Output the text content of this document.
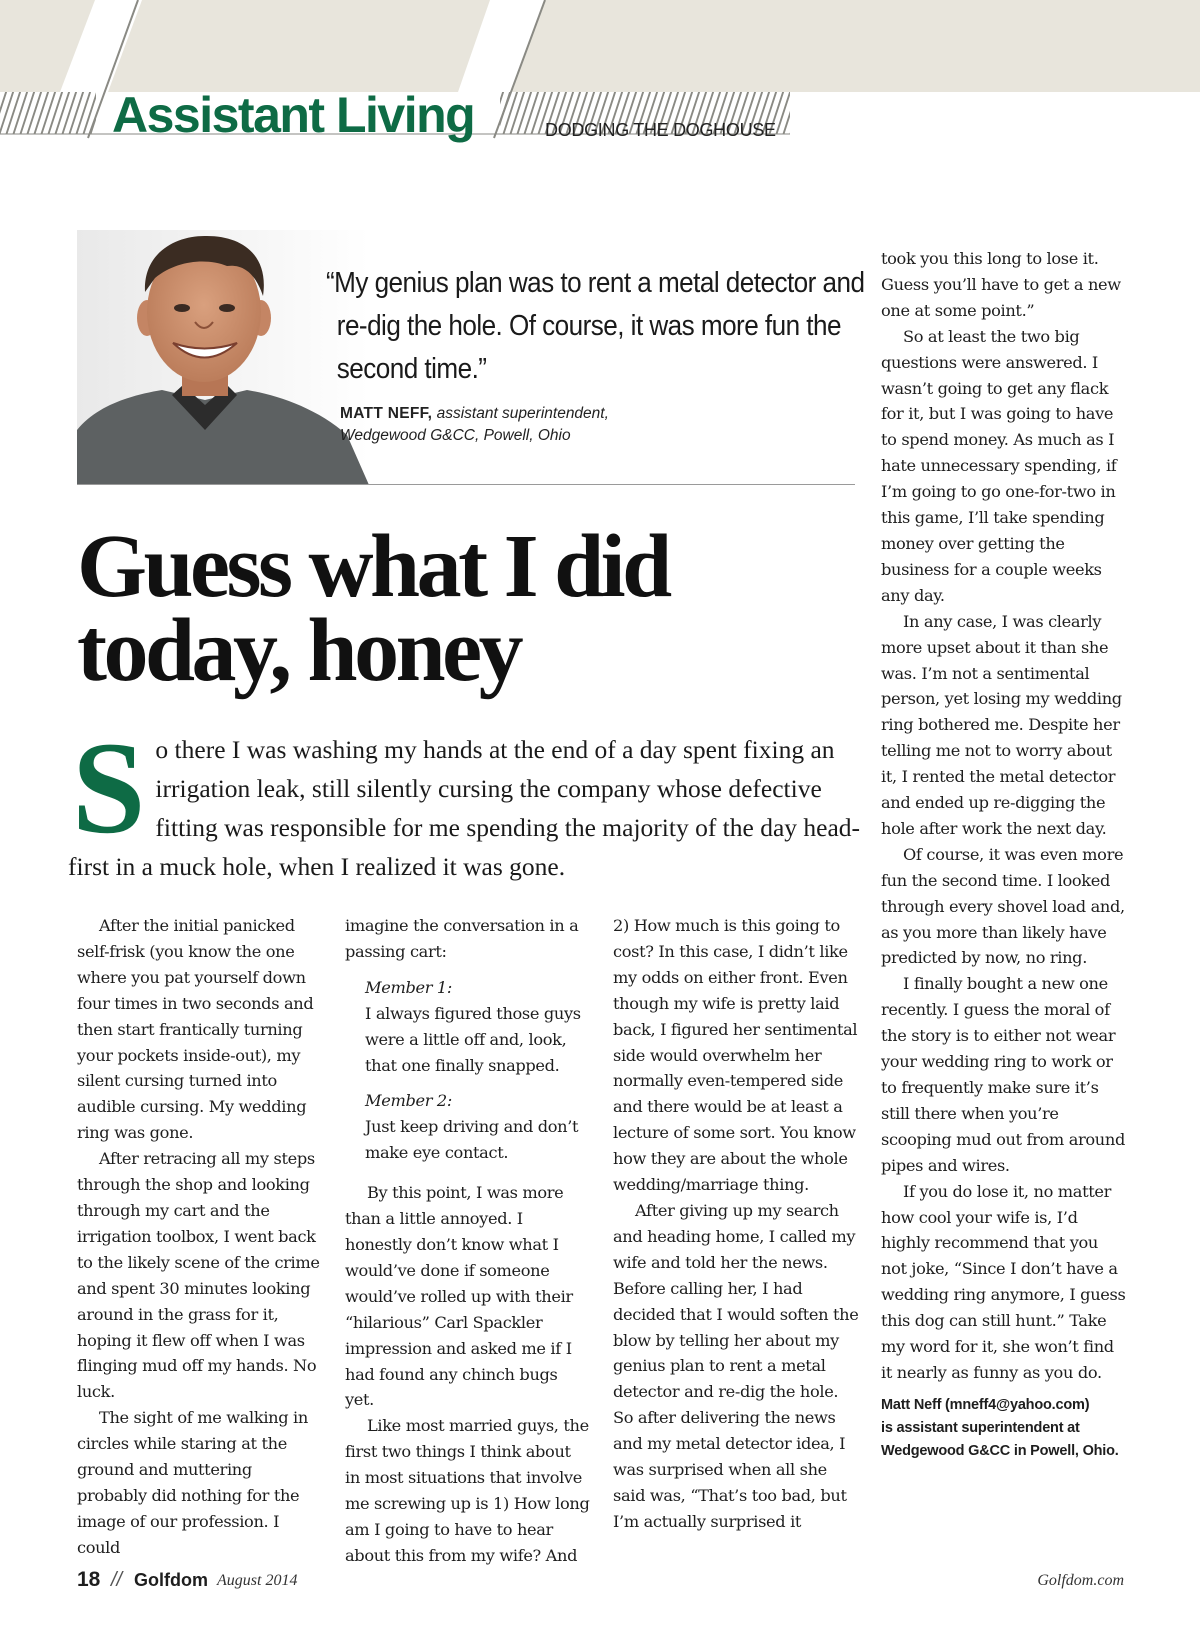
Assistant Living	DODGING THE DOGHOUSE
“My genius plan was to rent a metal detector and re-dig the hole. Of course, it was more fun the second time.”
MATT NEFF, assistant superintendent,
Wedgewood G&CC, Powell, Ohio
Guess what I did today, honey
S o there I was washing my hands at the end of a day spent fixing an irrigation leak, still silently cursing the company whose defective fitting was responsible for me spending the majority of the day head-first in a muck hole, when I realized it was gone.

After the initial panicked self-frisk (you know the one where you pat yourself down four times in two seconds and then start frantically turning your pockets inside-out), my silent cursing turned into audible cursing. My wedding ring was gone.

After retracing all my steps through the shop and looking through my cart and the irrigation toolbox, I went back to the likely scene of the crime and spent 30 minutes looking around in the grass for it, hoping it flew off when I was flinging mud off my hands. No luck.

The sight of me walking in circles while staring at the ground and muttering probably did nothing for the image of our profession. I could

imagine the conversation in a passing cart:

Member 1:
I always figured those guys were a little off and, look, that one finally snapped.
Member 2:
Just keep driving and don’t make eye contact.

By this point, I was more than a little annoyed. I honestly don’t know what I would’ve done if someone would’ve rolled up with their “hilarious” Carl Spackler impression and asked me if I had found any chinch bugs yet.

Like most married guys, the first two things I think about in most situations that involve me screwing up is 1) How long am I going to have to hear about this from my wife? And

2) How much is this going to cost? In this case, I didn’t like my odds on either front. Even though my wife is pretty laid back, I figured her sentimental side would overwhelm her normally even-tempered side and there would be at least a lecture of some sort. You know how they are about the whole wedding/marriage thing.

After giving up my search and heading home, I called my wife and told her the news. Before calling her, I had decided that I would soften the blow by telling her about my genius plan to rent a metal detector and re-dig the hole. So after delivering the news and my metal detector idea, I was surprised when all she said was, “That’s too bad, but I’m actually surprised it

took you this long to lose it. Guess you’ll have to get a new one at some point.”

So at least the two big questions were answered. I wasn’t going to get any flack for it, but I was going to have to spend money. As much as I hate unnecessary spending, if I’m going to go one-for-two in this game, I’ll take spending money over getting the business for a couple weeks any day.

In any case, I was clearly more upset about it than she was. I’m not a sentimental person, yet losing my wedding ring bothered me. Despite her telling me not to worry about it, I rented the metal detector and ended up re-digging the hole after work the next day.

Of course, it was even more fun the second time. I looked through every shovel load and, as you more than likely have predicted by now, no ring.

I finally bought a new one recently. I guess the moral of the story is to either not wear your wedding ring to work or to frequently make sure it’s still there when you’re scooping mud out from around pipes and wires.

If you do lose it, no matter how cool your wife is, I’d highly recommend that you not joke, “Since I don’t have a wedding ring anymore, I guess this dog can still hunt.” Take my word for it, she won’t find it nearly as funny as you do.

Matt Neff (mneff4@yahoo.com)
is assistant superintendent at
Wedgewood G&CC in Powell, Ohio.
18 // Golfdom August 2014	Golfdom.com
